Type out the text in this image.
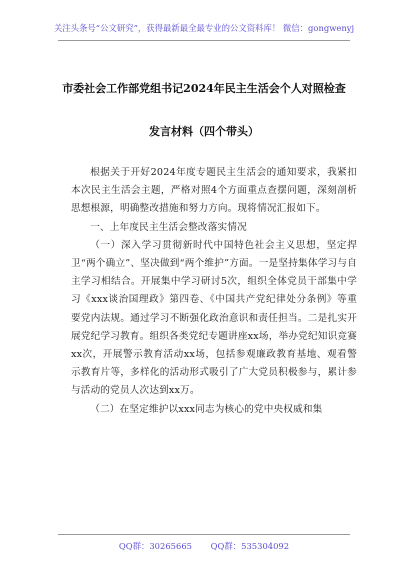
关注头条号“公文研究”，获得最新最全最专业的公文资料库！ 微信：gongwenyj
市委社会工作部党组书记2024年民主生活会个人对照检查
发言材料（四个带头）

根据关于开好2024年度专题民主生活会的通知要求，我紧扣本次民主生活会主题，严格对照4个方面重点查摆问题，深刻剖析思想根源，明确整改措施和努力方向。现将情况汇报如下。

一、上年度民主生活会整改落实情况

（一）深入学习贯彻新时代中国特色社会主义思想，坚定捍卫“两个确立”、坚决做到“两个维护”方面。一是坚持集体学习与自主学习相结合。开展集中学习研讨5次，组织全体党员干部集中学习《xxx谈治国理政》第四卷、《中国共产党纪律处分条例》等重要党内法规。通过学习不断强化政治意识和责任担当。二是扎实开展党纪学习教育。组织各类党纪专题讲座xx场，举办党纪知识竞赛xx次，开展警示教育活动xx场，包括参观廉政教育基地、观看警示教育片等，多样化的活动形式吸引了广大党员积极参与，累计参与活动的党员人次达到xx万。

（二）在坚定维护以xxx同志为核心的党中央权威和集

QQ群：30265665 QQ群：535304092
